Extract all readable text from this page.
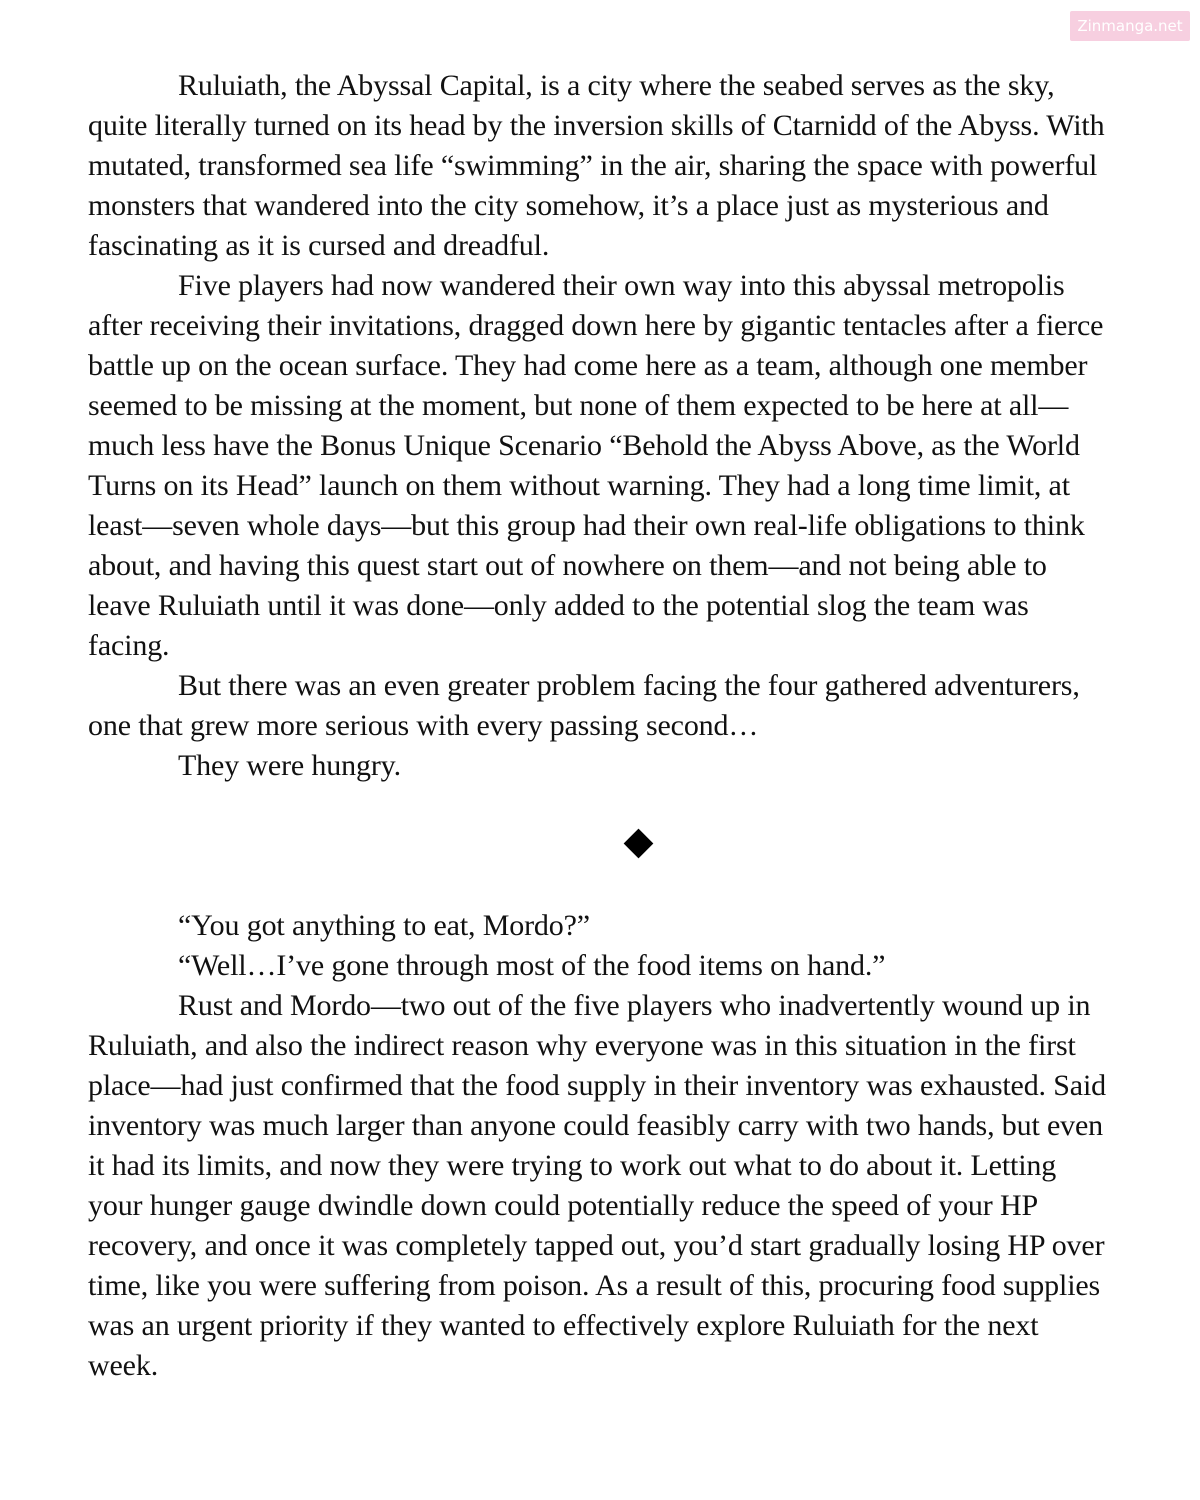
Zinmanga.net

Ruluiath, the Abyssal Capital, is a city where the seabed serves as the sky, quite literally turned on its head by the inversion skills of Ctarnidd of the Abyss. With mutated, transformed sea life “swimming” in the air, sharing the space with powerful monsters that wandered into the city somehow, it’s a place just as mysterious and fascinating as it is cursed and dreadful.

Five players had now wandered their own way into this abyssal metropolis after receiving their invitations, dragged down here by gigantic tentacles after a fierce battle up on the ocean surface. They had come here as a team, although one member seemed to be missing at the moment, but none of them expected to be here at all—much less have the Bonus Unique Scenario “Behold the Abyss Above, as the World Turns on its Head” launch on them without warning. They had a long time limit, at least—seven whole days—but this group had their own real-life obligations to think about, and having this quest start out of nowhere on them—and not being able to leave Ruluiath until it was done—only added to the potential slog the team was facing.

But there was an even greater problem facing the four gathered adventurers, one that grew more serious with every passing second…

They were hungry.

“You got anything to eat, Mordo?”

“Well…I’ve gone through most of the food items on hand.”

Rust and Mordo—two out of the five players who inadvertently wound up in Ruluiath, and also the indirect reason why everyone was in this situation in the first place—had just confirmed that the food supply in their inventory was exhausted. Said inventory was much larger than anyone could feasibly carry with two hands, but even it had its limits, and now they were trying to work out what to do about it. Letting your hunger gauge dwindle down could potentially reduce the speed of your HP recovery, and once it was completely tapped out, you’d start gradually losing HP over time, like you were suffering from poison. As a result of this, procuring food supplies was an urgent priority if they wanted to effectively explore Ruluiath for the next week.
